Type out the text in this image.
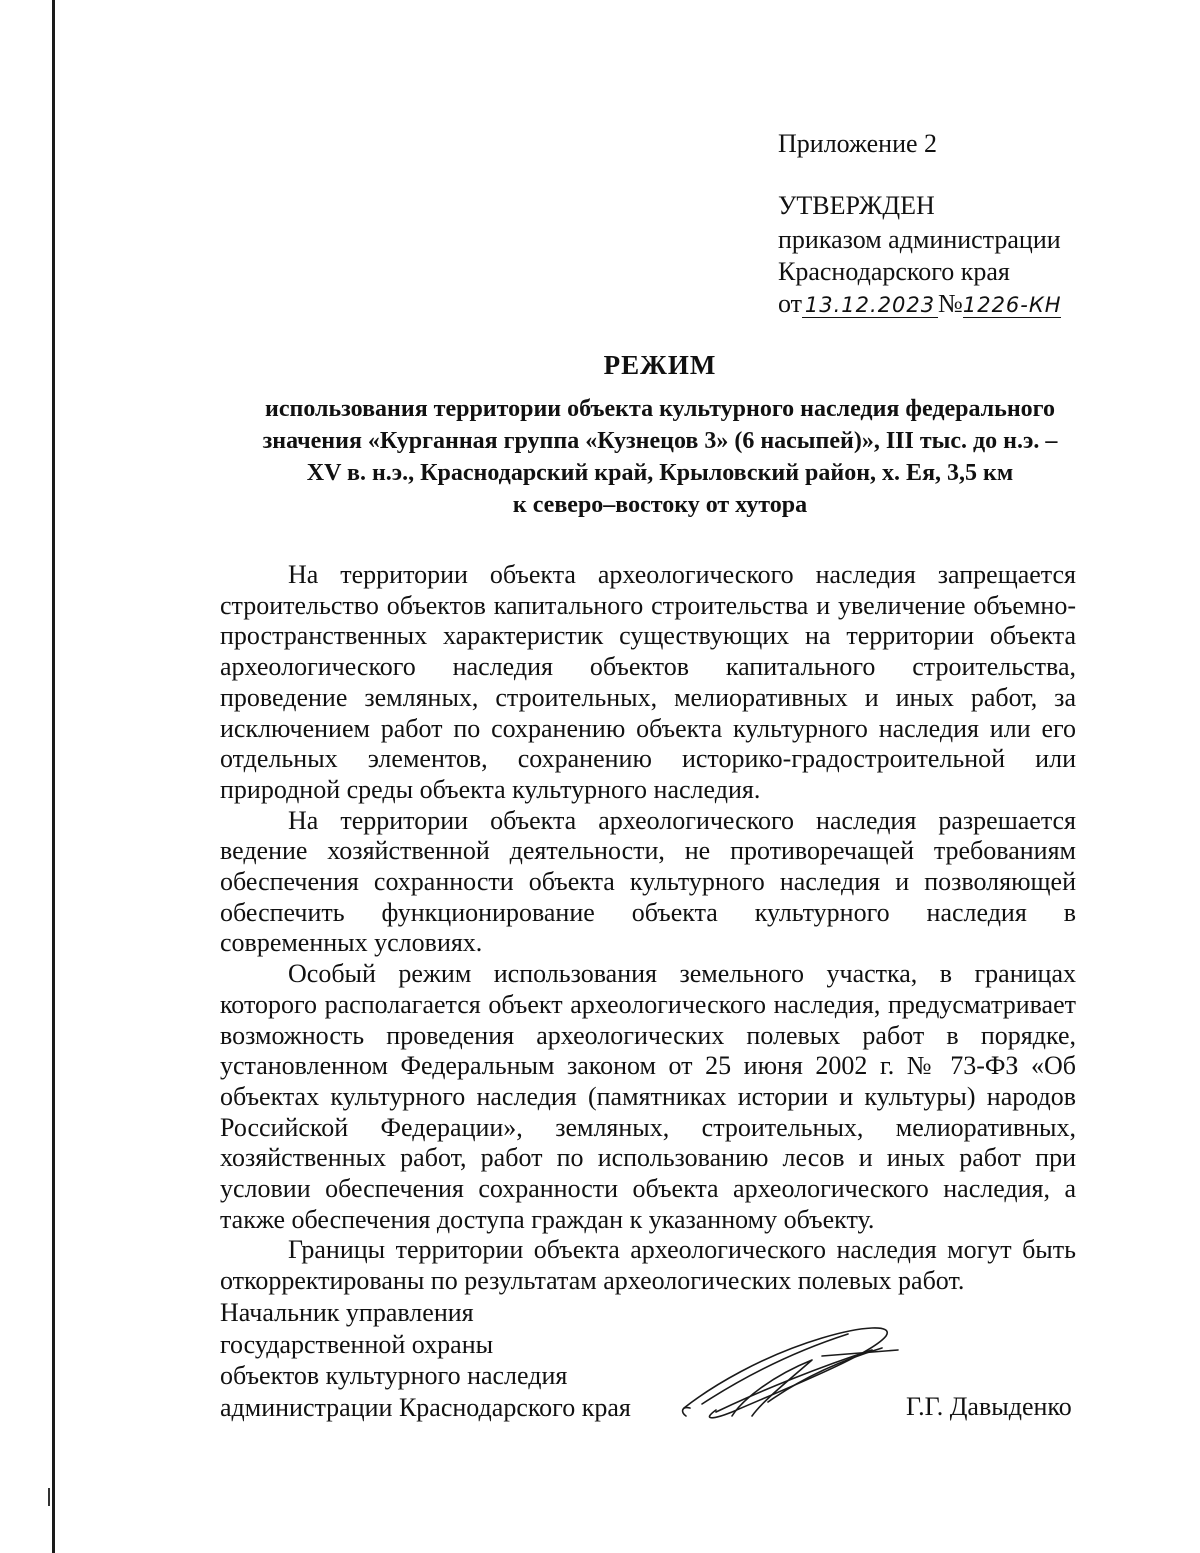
Приложение 2
УТВЕРЖДЕН
приказом администрации
Краснодарского края
от 13.12.2023 №1226-КН
РЕЖИМ
использования территории объекта культурного наследия федерального
значения «Курганная группа «Кузнецов 3» (6 насыпей)», III тыс. до н.э. –
XV в. н.э., Краснодарский край, Крыловский район, х. Ея, 3,5 км
к северо–востоку от хутора

На территории объекта археологического наследия запрещается строительство объектов капитального строительства и увеличение объемно-пространственных характеристик существующих на территории объекта археологического наследия объектов капитального строительства, проведение земляных, строительных, мелиоративных и иных работ, за исключением работ по сохранению объекта культурного наследия или его отдельных элементов, сохранению историко-градостроительной или природной среды объекта культурного наследия.

На территории объекта археологического наследия разрешается ведение хозяйственной деятельности, не противоречащей требованиям обеспечения сохранности объекта культурного наследия и позволяющей обеспечить функционирование объекта культурного наследия в современных условиях.

Особый режим использования земельного участка, в границах которого располагается объект археологического наследия, предусматривает возможность проведения археологических полевых работ в порядке, установленном Федеральным законом от 25 июня 2002 г. № 73-ФЗ «Об объектах культурного наследия (памятниках истории и культуры) народов Российской Федерации», земляных, строительных, мелиоративных, хозяйственных работ, работ по использованию лесов и иных работ при условии обеспечения сохранности объекта археологического наследия, а также обеспечения доступа граждан к указанному объекту.

Границы территории объекта археологического наследия могут быть откорректированы по результатам археологических полевых работ.

Начальник управления
государственной охраны
объектов культурного наследия
администрации Краснодарского края	Г.Г. Давыденко
